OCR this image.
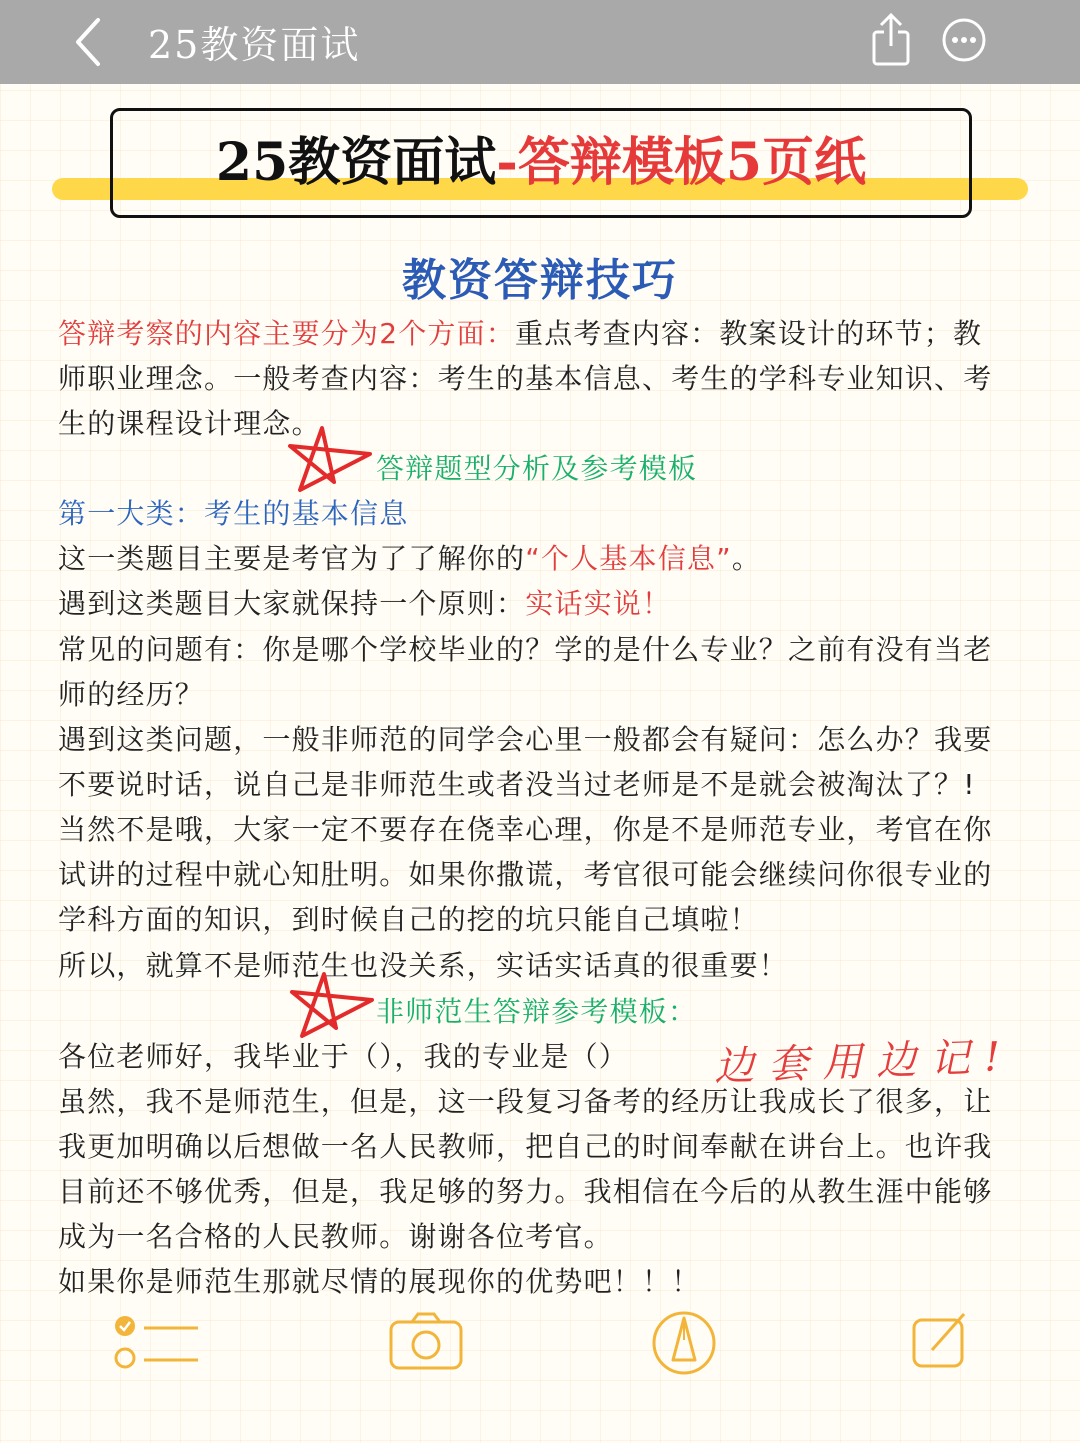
25教资面试
25教资面试-答辩模板5页纸
教资答辩技巧
答辩考察的内容主要分为2个方面：重点考查内容：教案设计的环节；教
师职业理念。一般考查内容：考生的基本信息、考生的学科专业知识、考
生的课程设计理念。
答辩题型分析及参考模板
第一大类：考生的基本信息
这一类题目主要是考官为了了解你的“个人基本信息”。
遇到这类题目大家就保持一个原则：实话实说！
常见的问题有：你是哪个学校毕业的？学的是什么专业？之前有没有当老
师的经历？
遇到这类问题，一般非师范的同学会心里一般都会有疑问：怎么办？我要
不要说时话，说自己是非师范生或者没当过老师是不是就会被淘汰了？!
当然不是哦，大家一定不要存在侥幸心理，你是不是师范专业，考官在你
试讲的过程中就心知肚明。如果你撒谎，考官很可能会继续问你很专业的
学科方面的知识，到时候自己的挖的坑只能自己填啦！
所以，就算不是师范生也没关系，实话实话真的很重要！
非师范生答辩参考模板：
各位老师好，我毕业于（），我的专业是（） 边套用边记!
虽然，我不是师范生，但是，这一段复习备考的经历让我成长了很多，让
我更加明确以后想做一名人民教师，把自己的时间奉献在讲台上。也许我
目前还不够优秀，但是，我足够的努力。我相信在今后的从教生涯中能够
成为一名合格的人民教师。谢谢各位考官。
如果你是师范生那就尽情的展现你的优势吧！！！
